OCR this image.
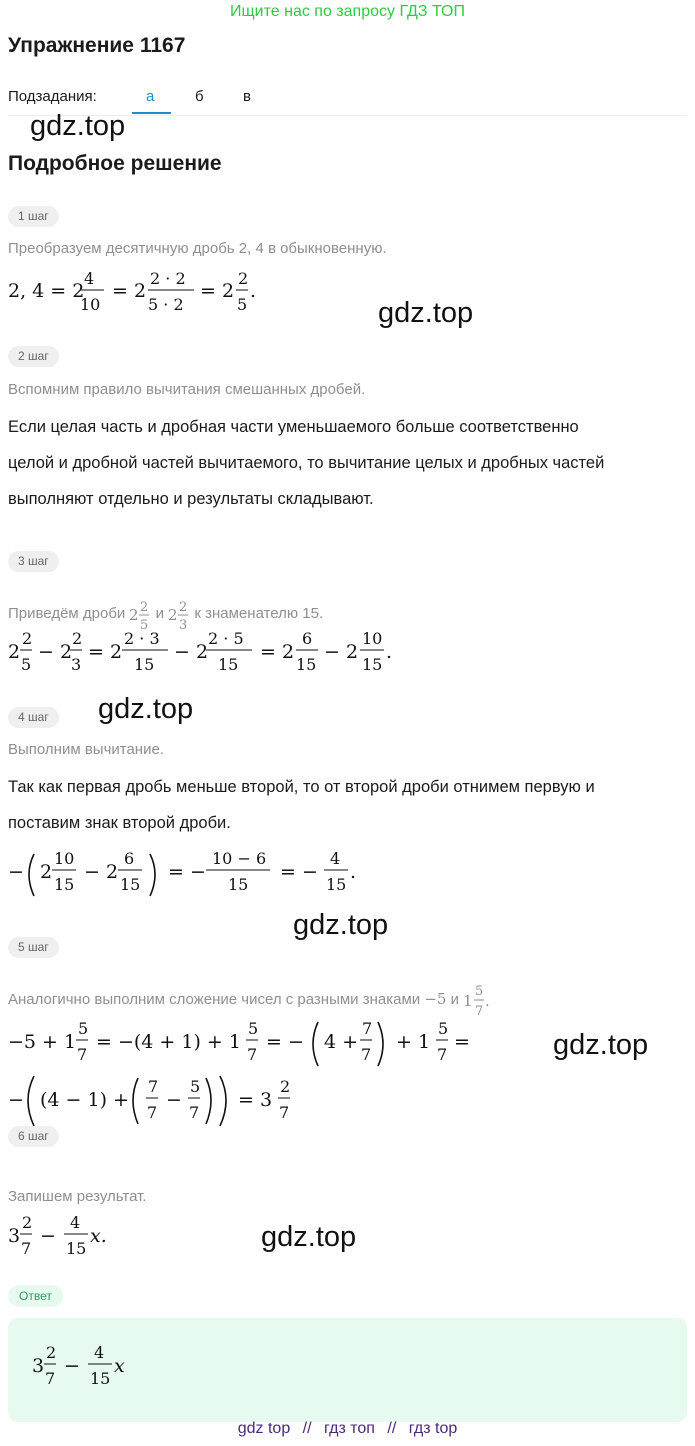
Ищите нас по запросу ГДЗ ТОП
Упражнение 1167
Подзадания:	а	б	в
gdz.top
Подробное решение
1 шаг
Преобразуем десятичную дробь 2, 4 в обыкновенную.
2, 4 = 2
4
10
= 2
2 · 2
5 · 2
= 2
2
5
.
gdz.top
2 шаг
Вспомним правило вычитания смешанных дробей.
Если целая часть и дробная части уменьшаемого больше соответственно
целой и дробной частей вычитаемого, то вычитание целых и дробных частей
выполняют отдельно и результаты складывают.
3 шаг
Приведём дроби 2 2
5
и 2 2
3
к знаменателю 15.
2
2
5
− 2
2
3
= 2
2 · 3
15
− 2
2 · 5
15
= 2
6
15
− 2
10
15
.
4 шаг	gdz.top
Выполним вычитание.
Так как первая дробь меньше второй, то от второй дроби отнимем первую и
поставим знак второй дроби.
− 2
10
15
− 2
6
15
= −
10 − 6
15
= −
4
15
.
gdz.top
5 шаг
Аналогично выполним сложение чисел с разными знаками −5 и 1
5
7
.
−5 + 1
5
7
= −(4 + 1) + 1
5
7
= − 4 +
7
7
+ 1
5
7
=
− (4 − 1) +
7
7
−
5
7
= 3
2
7
gdz.top
6 шаг
Запишем результат.
3
2
7
−
4
15
x.	gdz.top
Ответ
3
2
7
−
4
15
x
gdz top // гдз топ // гдз top
